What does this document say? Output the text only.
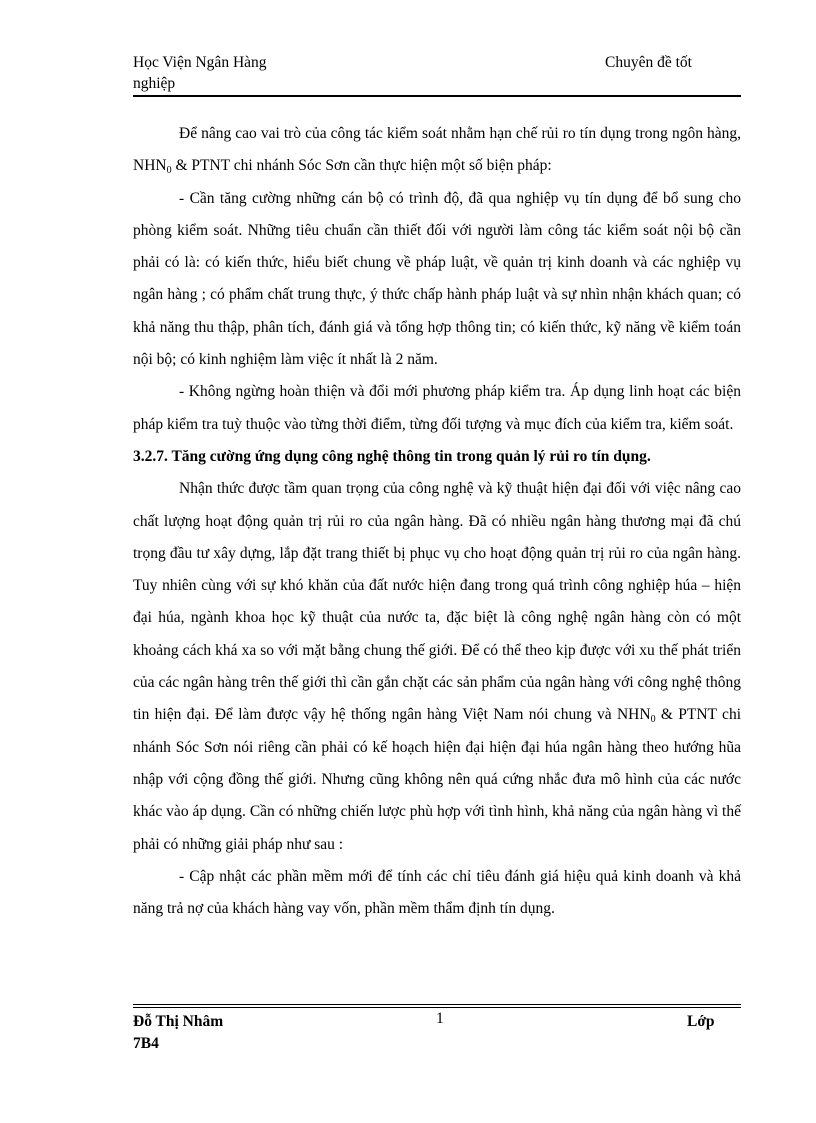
Học Viện Ngân Hàng	Chuyên đề tốt
nghiệp

Để nâng cao vai trò của công tác kiểm soát nhằm hạn chế rủi ro tín dụng trong ngôn hàng, $NHN_0$ & PTNT chi nhánh Sóc Sơn cần thực hiện một số biện pháp:

- Cần tăng cường những cán bộ có trình độ, đã qua nghiệp vụ tín dụng để bổ sung cho phòng kiểm soát. Những tiêu chuẩn cần thiết đối với người làm công tác kiểm soát nội bộ cần phải có là: có kiến thức, hiểu biết chung về pháp luật, về quản trị kinh doanh và các nghiệp vụ ngân hàng ; có phẩm chất trung thực, ý thức chấp hành pháp luật và sự nhìn nhận khách quan; có khả năng thu thập, phân tích, đánh giá và tổng hợp thông tin; có kiến thức, kỹ năng về kiểm toán nội bộ; có kinh nghiệm làm việc ít nhất là 2 năm.

- Không ngừng hoàn thiện và đổi mới phương pháp kiểm tra. Áp dụng linh hoạt các biện pháp kiểm tra tuỳ thuộc vào từng thời điểm, từng đối tượng và mục đích của kiểm tra, kiểm soát.

3.2.7. Tăng cường ứng dụng công nghệ thông tin trong quản lý rủi ro tín dụng.

Nhận thức được tầm quan trọng của công nghệ và kỹ thuật hiện đại đối với việc nâng cao chất lượng hoạt động quản trị rủi ro của ngân hàng. Đã có nhiều ngân hàng thương mại đã chú trọng đầu tư xây dựng, lắp đặt trang thiết bị phục vụ cho hoạt động quản trị rủi ro của ngân hàng. Tuy nhiên cùng với sự khó khăn của đất nước hiện đang trong quá trình công nghiệp húa – hiện đại húa, ngành khoa học kỹ thuật của nước ta, đặc biệt là công nghệ ngân hàng còn có một khoảng cách khá xa so với mặt bằng chung thế giới. Để có thể theo kịp được với xu thế phát triển của các ngân hàng trên thế giới thì cần gắn chặt các sản phẩm của ngân hàng với công nghệ thông tin hiện đại. Để làm được vậy hệ thống ngân hàng Việt Nam nói chung và $NHN_0$ & PTNT chi nhánh Sóc Sơn nói riêng cần phải có kế hoạch hiện đại hiện đại húa ngân hàng theo hướng hũa nhập với cộng đồng thế giới. Nhưng cũng không nên quá cứng nhắc đưa mô hình của các nước khác vào áp dụng. Cần có những chiến lược phù hợp với tình hình, khả năng của ngân hàng vì thế phải có những giải pháp như sau :

- Cập nhật các phần mềm mới để tính các chỉ tiêu đánh giá hiệu quả kinh doanh và khả năng trả nợ của khách hàng vay vốn, phần mềm thẩm định tín dụng.

Đỗ Thị Nhâm	1	Lớp
7B4
